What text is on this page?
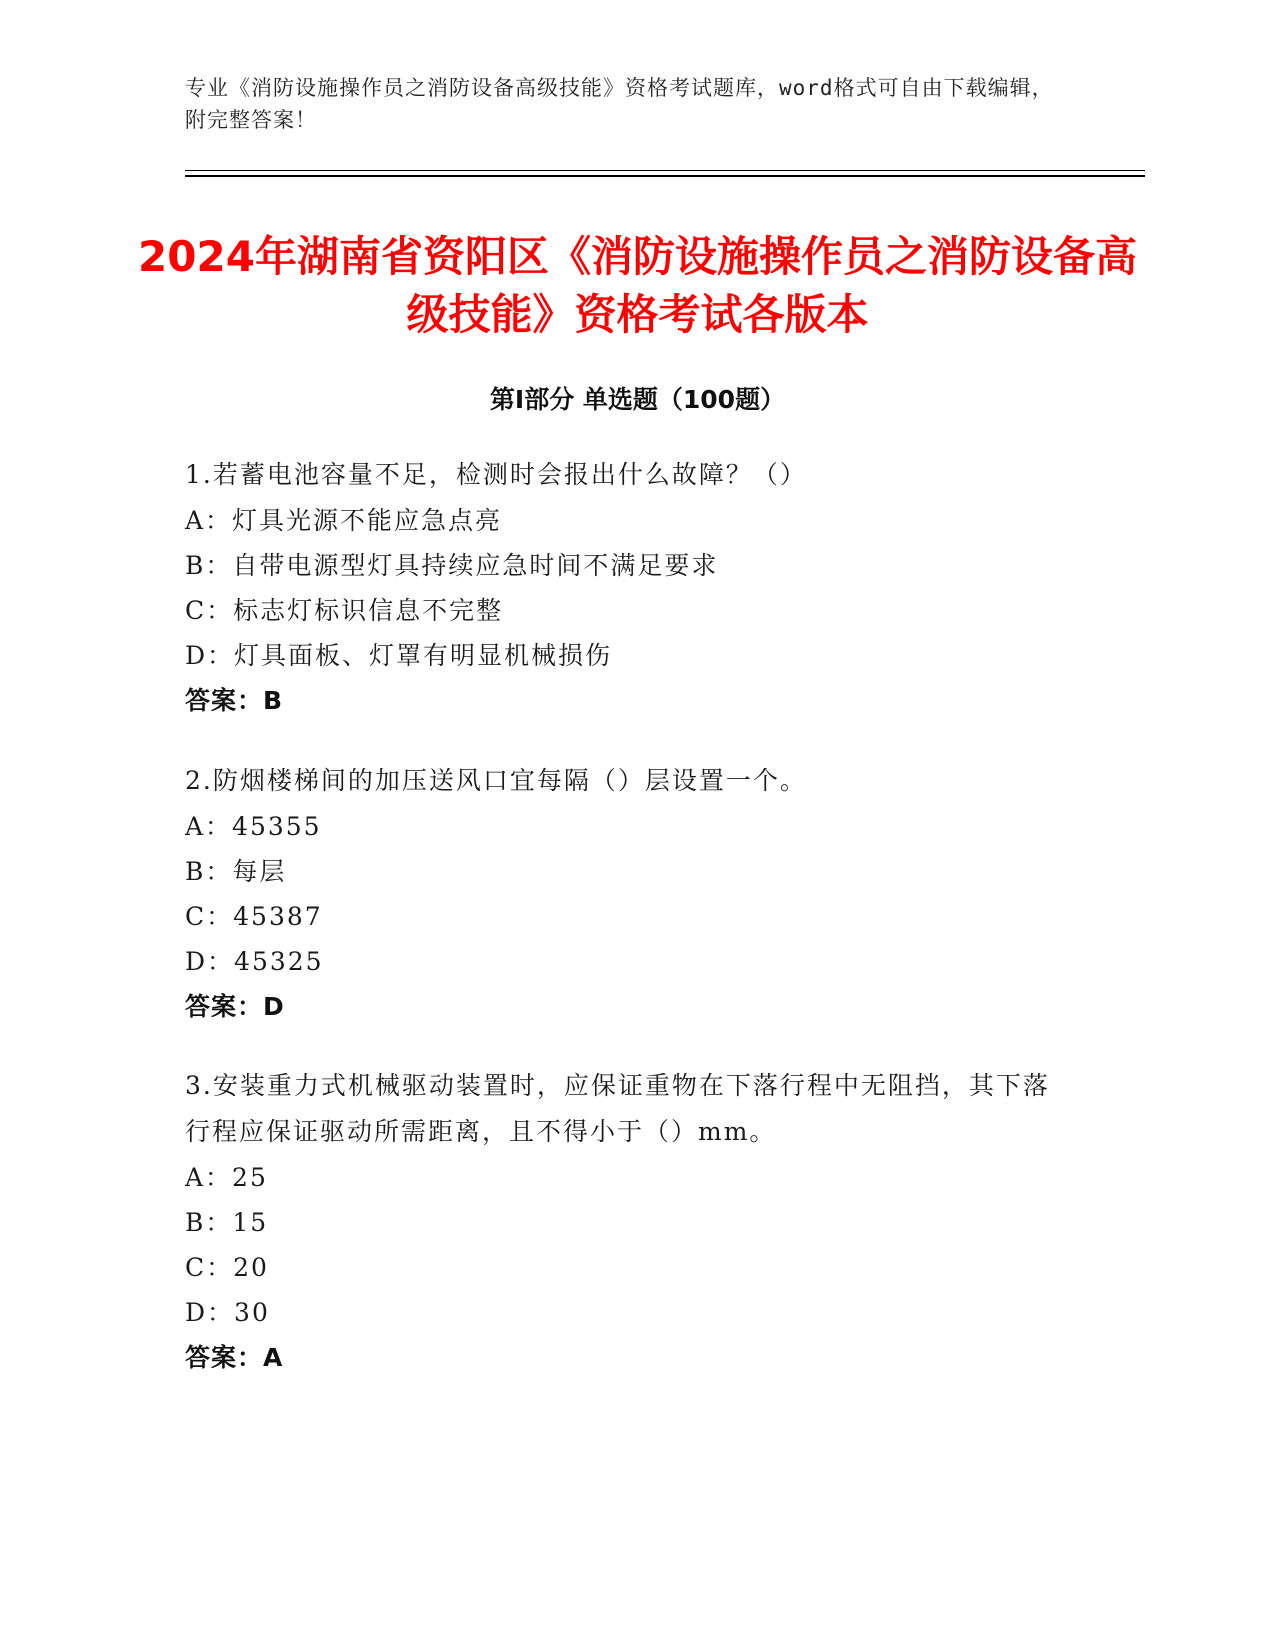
专业《消防设施操作员之消防设备高级技能》资格考试题库，word格式可自由下载编辑，附完整答案！
2024年湖南省资阳区《消防设施操作员之消防设备高级技能》资格考试各版本
第I部分 单选题（100题）
1.若蓄电池容量不足，检测时会报出什么故障？（）
A：灯具光源不能应急点亮
B：自带电源型灯具持续应急时间不满足要求
C：标志灯标识信息不完整
D：灯具面板、灯罩有明显机械损伤
答案：B
2.防烟楼梯间的加压送风口宜每隔（）层设置一个。
A：45355
B：每层
C：45387
D：45325
答案：D
3.安装重力式机械驱动装置时，应保证重物在下落行程中无阻挡，其下落行程应保证驱动所需距离，且不得小于（）mm。
A：25
B：15
C：20
D：30
答案：A
